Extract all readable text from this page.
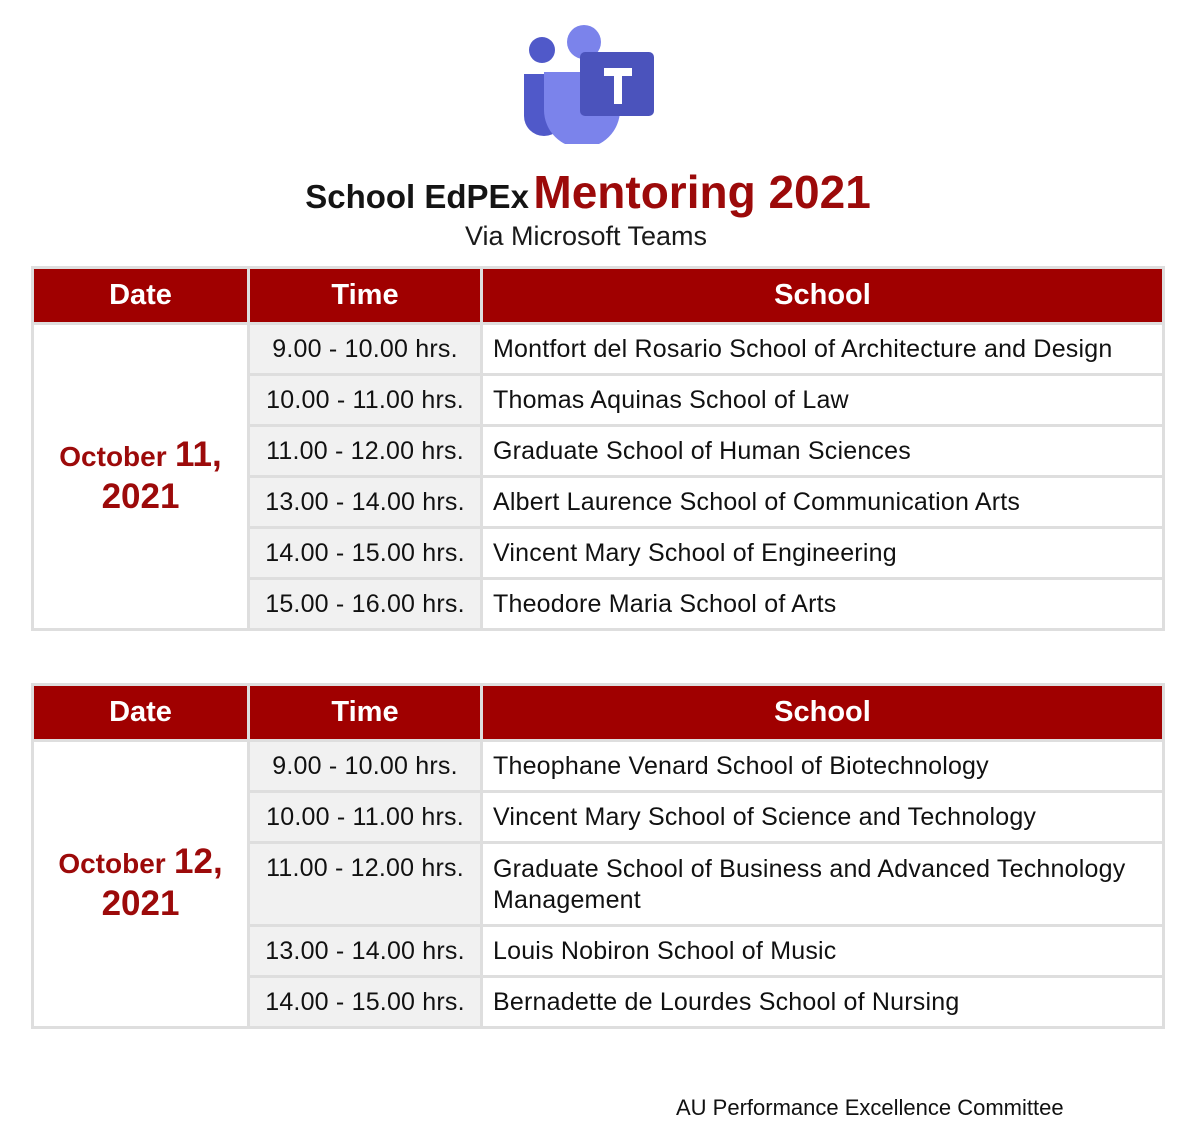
School EdPEx Mentoring 2021
Via Microsoft Teams
Date	Time	School
October 11,
2021	9.00 - 10.00 hrs.	Montfort del Rosario School of Architecture and Design
	10.00 - 11.00 hrs.	Thomas Aquinas School of Law
	11.00 - 12.00 hrs.	Graduate School of Human Sciences
	13.00 - 14.00 hrs.	Albert Laurence School of Communication Arts
	14.00 - 15.00 hrs.	Vincent Mary School of Engineering
	15.00 - 16.00 hrs.	Theodore Maria School of Arts
Date	Time	School
October 12,
2021	9.00 - 10.00 hrs.	Theophane Venard School of Biotechnology
	10.00 - 11.00 hrs.	Vincent Mary School of Science and Technology
	11.00 - 12.00 hrs.	Graduate School of Business and Advanced Technology Management
	13.00 - 14.00 hrs.	Louis Nobiron School of Music
	14.00 - 15.00 hrs.	Bernadette de Lourdes School of Nursing
AU Performance Excellence Committee
